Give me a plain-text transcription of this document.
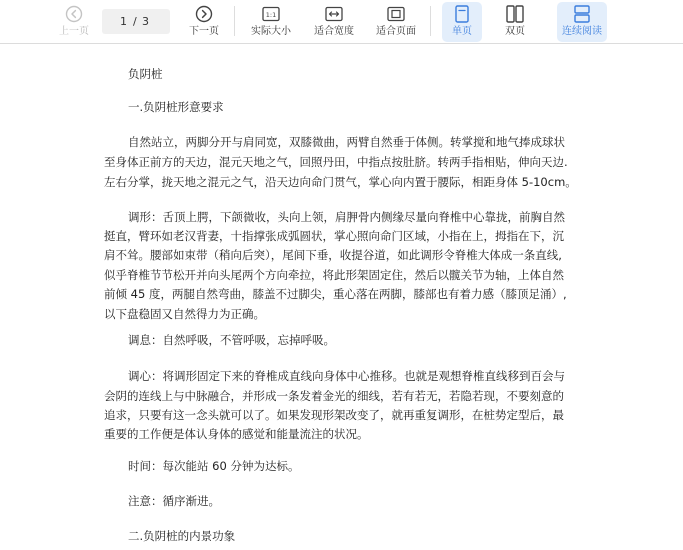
上一页
1 / 3
下一页
1:1
实际大小 适合宽度 适合页面	单页	双页	连续阅读
负阴桩
一.负阴桩形意要求
自然站立，两脚分开与肩同宽，双膝微曲，两臂自然垂于体侧。转掌搅和地气捧成球状
至身体正前方的天边，混元天地之气，回照丹田，中指点按肚脐。转两手指相贴，伸向天边.
左右分掌，拢天地之混元之气，沿天边向命门贯气，掌心向内置于腰际，相距身体 5-10cm。
调形：舌顶上腭，下颌微收，头向上领，肩胛骨内侧缘尽量向脊椎中心靠拢，前胸自然
挺直，臂环如老汉背妻，十指撑张成弧圆状，掌心照向命门区域，小指在上，拇指在下，沉
肩不耸。腰部如束带（稍向后突），尾闾下垂，收提谷道，如此调形令脊椎大体成一条直线,
似乎脊椎节节松开并向头尾两个方向牵拉，将此形架固定住，然后以髋关节为轴，上体自然
前倾 45 度，两腿自然弯曲，膝盖不过脚尖，重心落在两脚，膝部也有着力感（膝顶足涌）,
以下盘稳固又自然得力为正确。
调息：自然呼吸，不管呼吸，忘掉呼吸。
调心：将调形固定下来的脊椎成直线向身体中心推移。也就是观想脊椎直线移到百会与
会阴的连线上与中脉融合，并形成一条发着金光的细线，若有若无，若隐若现，不要刻意的
追求，只要有这一念头就可以了。如果发现形架改变了，就再重复调形，在桩势定型后，最
重要的工作便是体认身体的感觉和能量流注的状况。
时间：每次能站 60 分钟为达标。
注意：循序渐进。
二.负阴桩的内景功象
